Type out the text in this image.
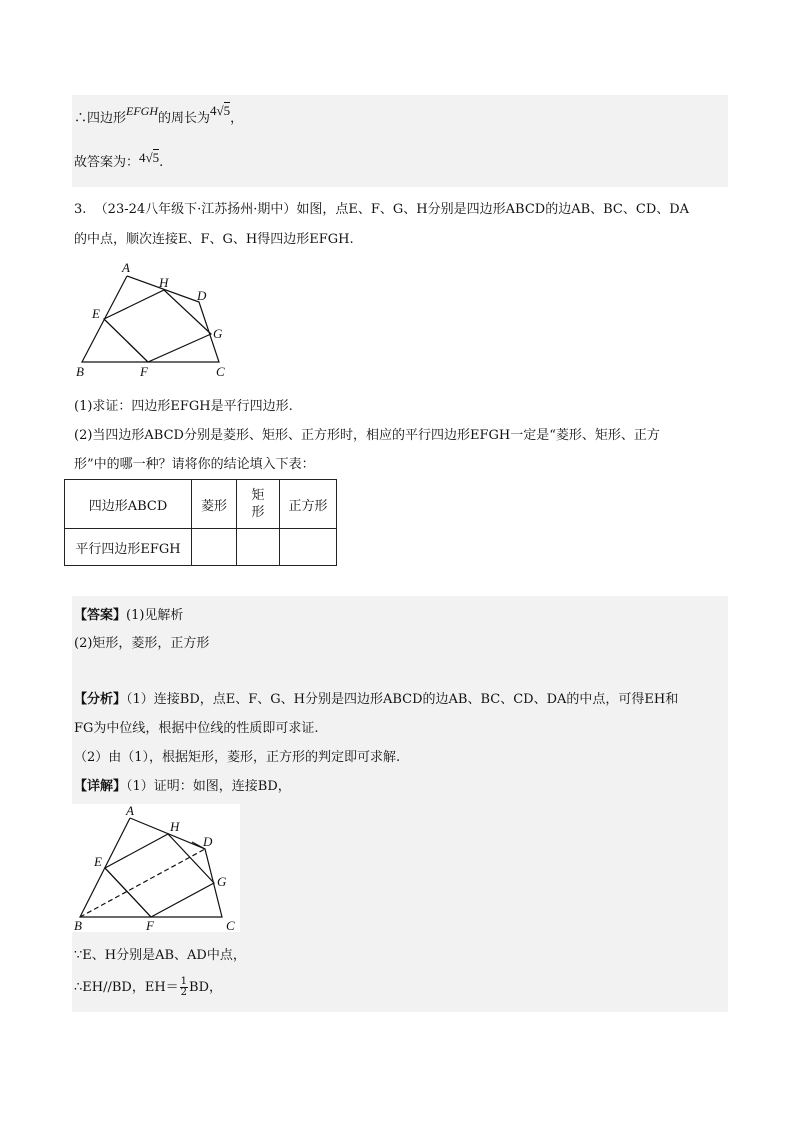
∴四边形EFGH的周长为4√5，
故答案为：4√5.
3. （23-24八年级下·江苏扬州·期中）如图，点E、F、G、H分别是四边形ABCD的边AB、BC、CD、DA
的中点，顺次连接E、F、G、H得四边形EFGH.
A
H
D
E
G
B	F	C
(1)求证：四边形EFGH是平行四边形.
(2)当四边形ABCD分别是菱形、矩形、正方形时，相应的平行四边形EFGH一定是“菱形、矩形、正方
形”中的哪一种？请将你的结论填入下表：
四边形ABCD	菱形	矩
形	正方形
平行四边形EFGH			
【答案】(1)见解析
(2)矩形，菱形，正方形
【分析】（1）连接BD，点E、F、G、H分别是四边形ABCD的边AB、BC、CD、DA的中点，可得EH和
FG为中位线，根据中位线的性质即可求证.
（2）由（1），根据矩形，菱形，正方形的判定即可求解.
【详解】（1）证明：如图，连接BD，
A
H
D
E
G
B	F	C
∵E、H分别是AB、AD中点，
∴EH//BD，$EH= \frac{1}{2}$ BD，
